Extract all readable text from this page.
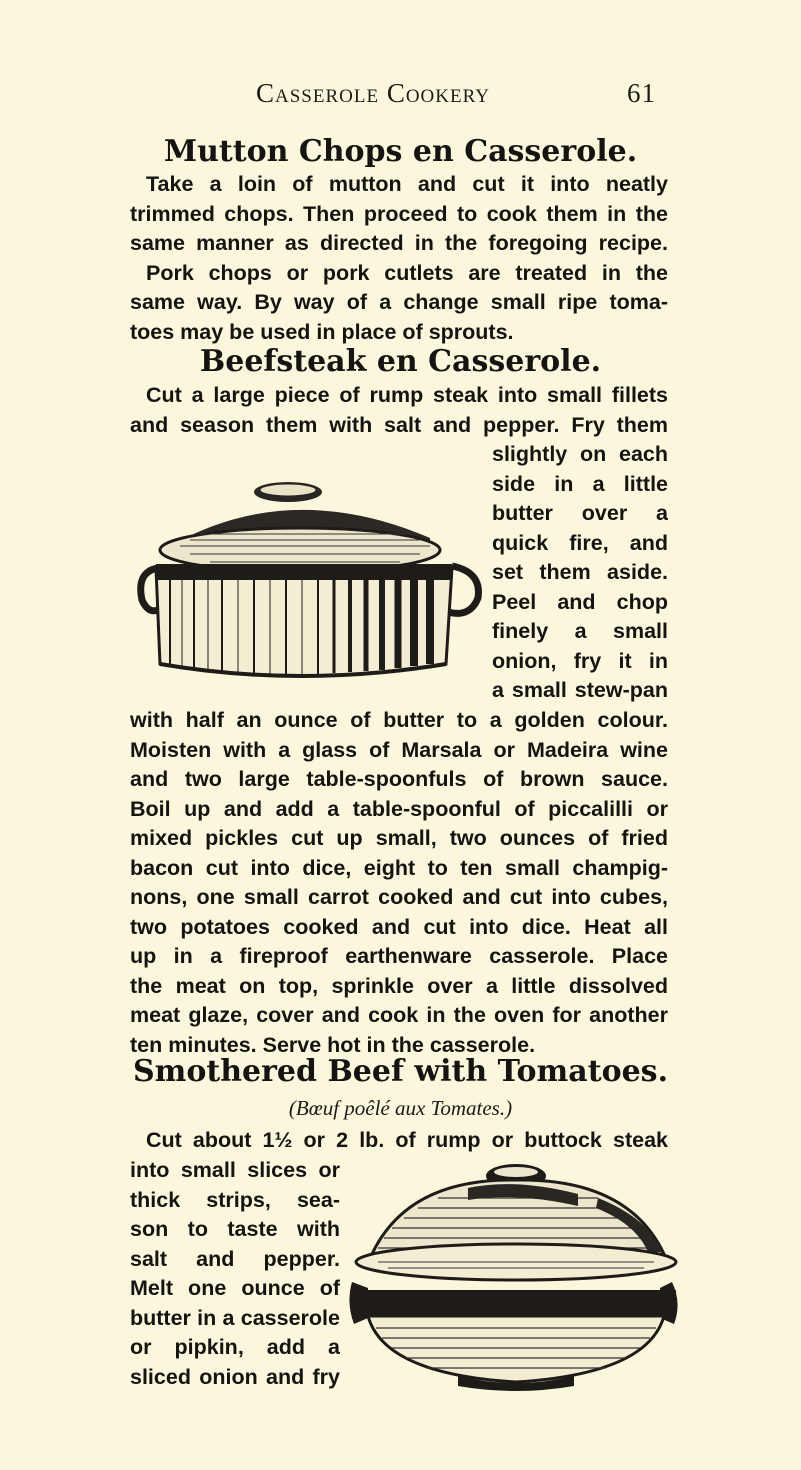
Casserole Cookery	61
Mutton Chops en Casserole.
Take a loin of mutton and cut it into neatly
trimmed chops. Then proceed to cook them in the
same manner as directed in the foregoing recipe.
Pork chops or pork cutlets are treated in the
same way. By way of a change small ripe toma-
toes may be used in place of sprouts.
Beefsteak en Casserole.
Cut a large piece of rump steak into small fillets
and season them with salt and pepper. Fry them
slightly on each
side in a little
butter over a
quick fire, and
set them aside.
Peel and chop
finely a small
onion, fry it in
a small stew-pan
with half an ounce of butter to a golden colour.
Moisten with a glass of Marsala or Madeira wine
and two large table-spoonfuls of brown sauce.
Boil up and add a table-spoonful of piccalilli or
mixed pickles cut up small, two ounces of fried
bacon cut into dice, eight to ten small champig-
nons, one small carrot cooked and cut into cubes,
two potatoes cooked and cut into dice. Heat all
up in a fireproof earthenware casserole. Place
the meat on top, sprinkle over a little dissolved
meat glaze, cover and cook in the oven for another
ten minutes. Serve hot in the casserole.
Smothered Beef with Tomatoes.
(Bœuf poêlé aux Tomates.)
Cut about 1½ or 2 lb. of rump or buttock steak
into small slices or
thick strips, sea-
son to taste with
salt and pepper.
Melt one ounce of
butter in a casserole
or pipkin, add a
sliced onion and fry
